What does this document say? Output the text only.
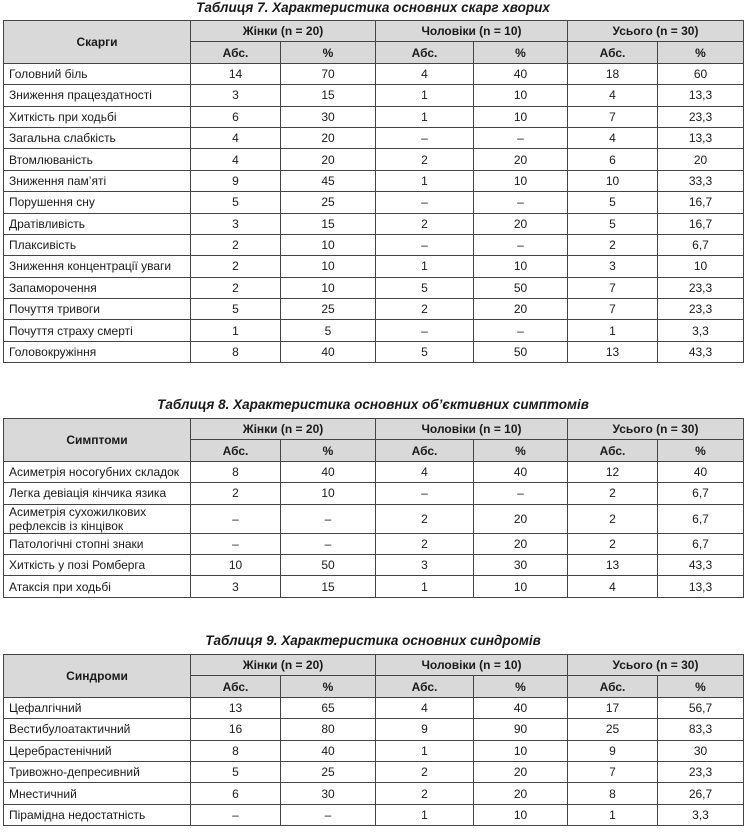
Таблиця 7. Характеристика основних скарг хворих
Скарги	Жінки (n = 20)		Чоловіки (n = 10)		Усього (n = 30)	
	Абс.	%	Абс.	%	Абс.	%
Головний біль	14	70	4	40	18	60
Зниження працездатності	3	15	1	10	4	13,3
Хиткість при ходьбі	6	30	1	10	7	23,3
Загальна слабкість	4	20	–	–	4	13,3
Втомлюваність	4	20	2	20	6	20
Зниження пам’яті	9	45	1	10	10	33,3
Порушення сну	5	25	–	–	5	16,7
Дратівливість	3	15	2	20	5	16,7
Плаксивість	2	10	–	–	2	6,7
Зниження концентрації уваги	2	10	1	10	3	10
Запаморочення	2	10	5	50	7	23,3
Почуття тривоги	5	25	2	20	7	23,3
Почуття страху смерті	1	5	–	–	1	3,3
Головокружіння	8	40	5	50	13	43,3
Таблиця 8. Характеристика основних об’єктивних симптомів
Симптоми	Жінки (n = 20)		Чоловіки (n = 10)		Усього (n = 30)	
	Абс.	%	Абс.	%	Абс.	%
Асиметрія носогубних складок	8	40	4	40	12	40
Легка девіація кінчика язика	2	10	–	–	2	6,7
Асиметрія сухожилкових рефлексів із кінцівок	–	–	2	20	2	6,7
Патологічні стопні знаки	–	–	2	20	2	6,7
Хиткість у позі Ромберга	10	50	3	30	13	43,3
Атаксія при ходьбі	3	15	1	10	4	13,3
Таблиця 9. Характеристика основних синдромів
Синдроми	Жінки (n = 20)		Чоловіки (n = 10)		Усього (n = 30)	
	Абс.	%	Абс.	%	Абс.	%
Цефалгічний	13	65	4	40	17	56,7
Вестибулоатактичний	16	80	9	90	25	83,3
Церебрастенічний	8	40	1	10	9	30
Тривожно-депресивний	5	25	2	20	7	23,3
Мнестичний	6	30	2	20	8	26,7
Пірамідна недостатність	–	–	1	10	1	3,3
